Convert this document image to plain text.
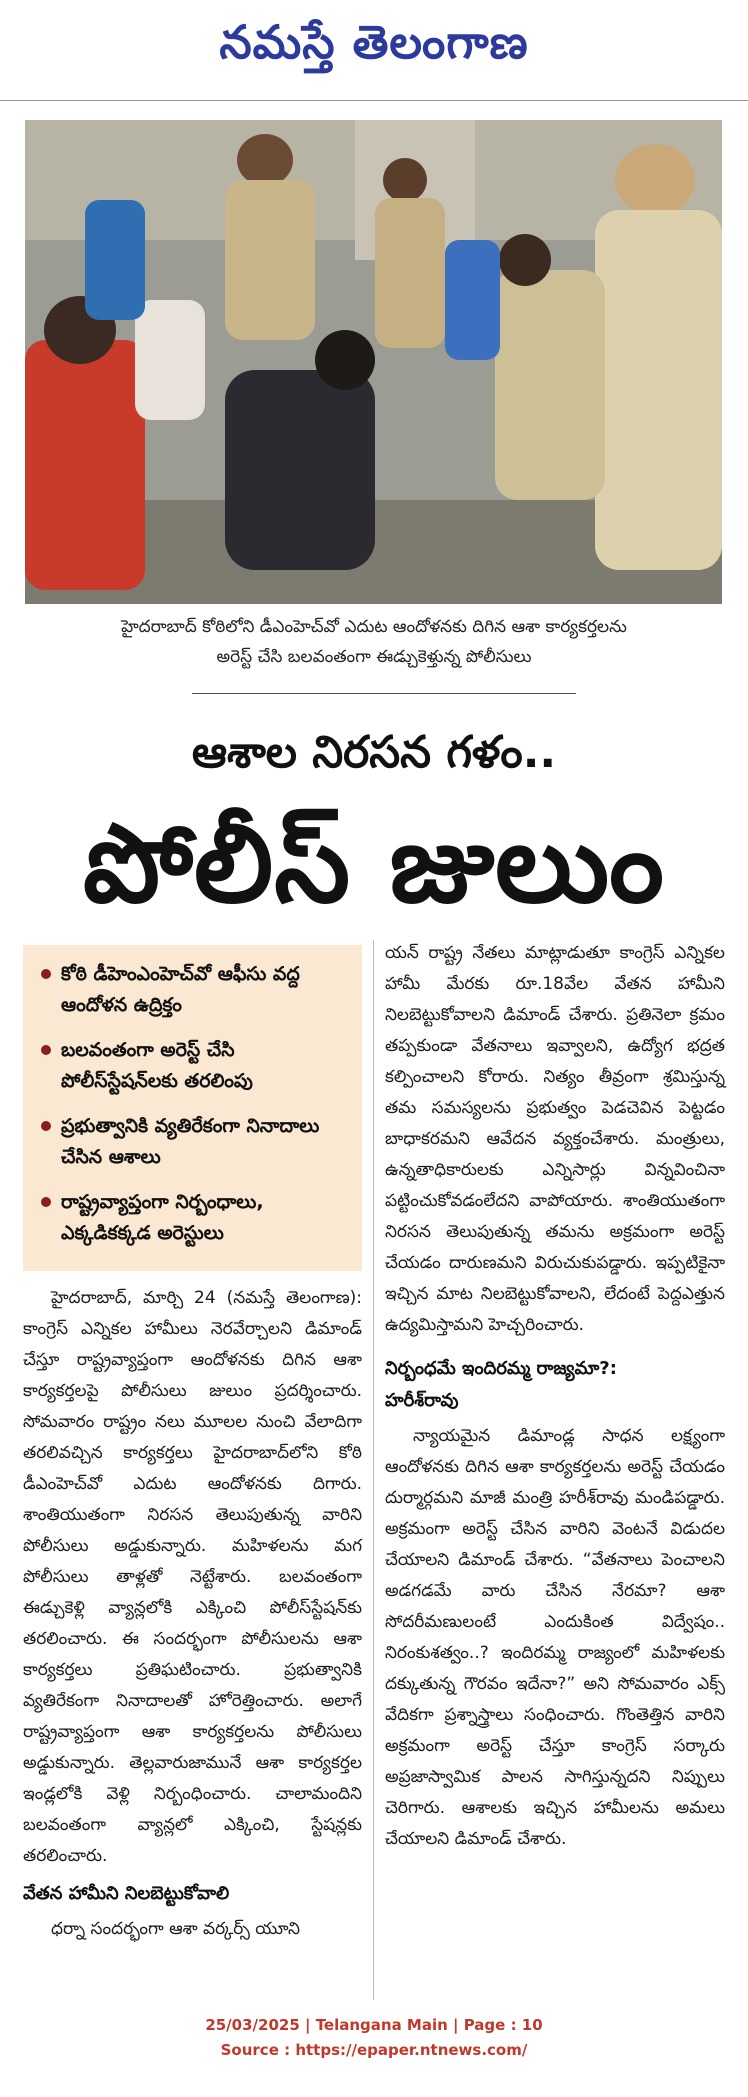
నమస్తే తెలంగాణ
హైదరాబాద్ కోఠిలోని డీఎంహెచ్‌వో ఎదుట ఆందోళనకు దిగిన ఆశా కార్యకర్తలను
అరెస్ట్ చేసి బలవంతంగా ఈడ్చుకెళ్తున్న పోలీసులు
ఆశాల నిరసన గళం..
పోలీస్ జులుం
కోఠి డీహెంఎంహెచ్‌వో ఆఫీసు వద్ద ఆందోళన ఉద్రిక్తం
బలవంతంగా అరెస్ట్ చేసి పోలీస్‌స్టేషన్‌లకు తరలింపు
ప్రభుత్వానికి వ్యతిరేకంగా నినాదాలు చేసిన ఆశాలు
రాష్ట్రవ్యాప్తంగా నిర్బంధాలు, ఎక్కడికక్కడ అరెస్టులు

హైదరాబాద్, మార్చి 24 (నమస్తే తెలంగాణ): కాంగ్రెస్ ఎన్నికల హామీలు నెరవేర్చాలని డిమాండ్ చేస్తూ రాష్ట్రవ్యాప్తంగా ఆందోళనకు దిగిన ఆశా కార్యకర్తలపై పోలీసులు జులుం ప్రదర్శించారు. సోమవారం రాష్ట్రం నలు మూలల నుంచి వేలాదిగా తరలివచ్చిన కార్యకర్తలు హైదరాబాద్‌లోని కోఠి డీఎంహెచ్‌వో ఎదుట ఆందోళనకు దిగారు. శాంతియుతంగా నిరసన తెలుపుతున్న వారిని పోలీసులు అడ్డుకున్నారు. మహిళలను మగ పోలీసులు తాళ్లతో నెట్టేశారు. బలవంతంగా ఈడ్చుకెళ్లి వ్యాన్లలోకి ఎక్కించి పోలీస్‌స్టేషన్‌కు తరలించారు. ఈ సందర్భంగా పోలీసులను ఆశా కార్యకర్తలు ప్రతిఘటించారు. ప్రభుత్వానికి వ్యతిరేకంగా నినాదాలతో హోరెత్తించారు. అలాగే రాష్ట్రవ్యాప్తంగా ఆశా కార్యకర్తలను పోలీసులు అడ్డుకున్నారు. తెల్లవారుజామునే ఆశా కార్యకర్తల ఇండ్లలోకి వెళ్లి నిర్బంధించారు. చాలామందిని బలవంతంగా వ్యాన్లలో ఎక్కించి, స్టేషన్లకు తరలించారు.

వేతన హామీని నిలబెట్టుకోవాలి

ధర్నా సందర్భంగా ఆశా వర్కర్స్ యూని

యన్ రాష్ట్ర నేతలు మాట్లాడుతూ కాంగ్రెస్ ఎన్నికల హామీ మేరకు రూ.18వేల వేతన హామీని నిలబెట్టుకోవాలని డిమాండ్ చేశారు. ప్రతినెలా క్రమం తప్పకుండా వేతనాలు ఇవ్వాలని, ఉద్యోగ భద్రత కల్పించాలని కోరారు. నిత్యం తీవ్రంగా శ్రమిస్తున్న తమ సమస్యలను ప్రభుత్వం పెడచెవిన పెట్టడం బాధాకరమని ఆవేదన వ్యక్తంచేశారు. మంత్రులు, ఉన్నతాధికారులకు ఎన్నిసార్లు విన్నవించినా పట్టించుకోవడంలేదని వాపోయారు. శాంతియుతంగా నిరసన తెలుపుతున్న తమను అక్రమంగా అరెస్ట్ చేయడం దారుణమని విరుచుకుపడ్డారు. ఇప్పటికైనా ఇచ్చిన మాట నిలబెట్టుకోవాలని, లేదంటే పెద్దఎత్తున ఉద్యమిస్తామని హెచ్చరించారు.

నిర్బంధమే ఇందిరమ్మ రాజ్యమా?:
హరీశ్‌రావు

న్యాయమైన డిమాండ్ల సాధన లక్ష్యంగా ఆందోళనకు దిగిన ఆశా కార్యకర్తలను అరెస్ట్ చేయడం దుర్మార్గమని మాజీ మంత్రి హరీశ్‌రావు మండిపడ్డారు. అక్రమంగా అరెస్ట్ చేసిన వారిని వెంటనే విడుదల చేయాలని డిమాండ్ చేశారు. “వేతనాలు పెంచాలని అడగడమే వారు చేసిన నేరమా? ఆశా సోదరీమణులంటే ఎందుకింత విద్వేషం.. నిరంకుశత్వం..? ఇందిరమ్మ రాజ్యంలో మహిళలకు దక్కుతున్న గౌరవం ఇదేనా?” అని సోమవారం ఎక్స్ వేదికగా ప్రశ్నాస్త్రాలు సంధించారు. గొంతెత్తిన వారిని అక్రమంగా అరెస్ట్ చేస్తూ కాంగ్రెస్ సర్కారు అప్రజాస్వామిక పాలన సాగిస్తున్నదని నిప్పులు చెరిగారు. ఆశాలకు ఇచ్చిన హామీలను అమలు చేయాలని డిమాండ్ చేశారు.

25/03/2025 | Telangana Main | Page : 10
Source : https://epaper.ntnews.com/
